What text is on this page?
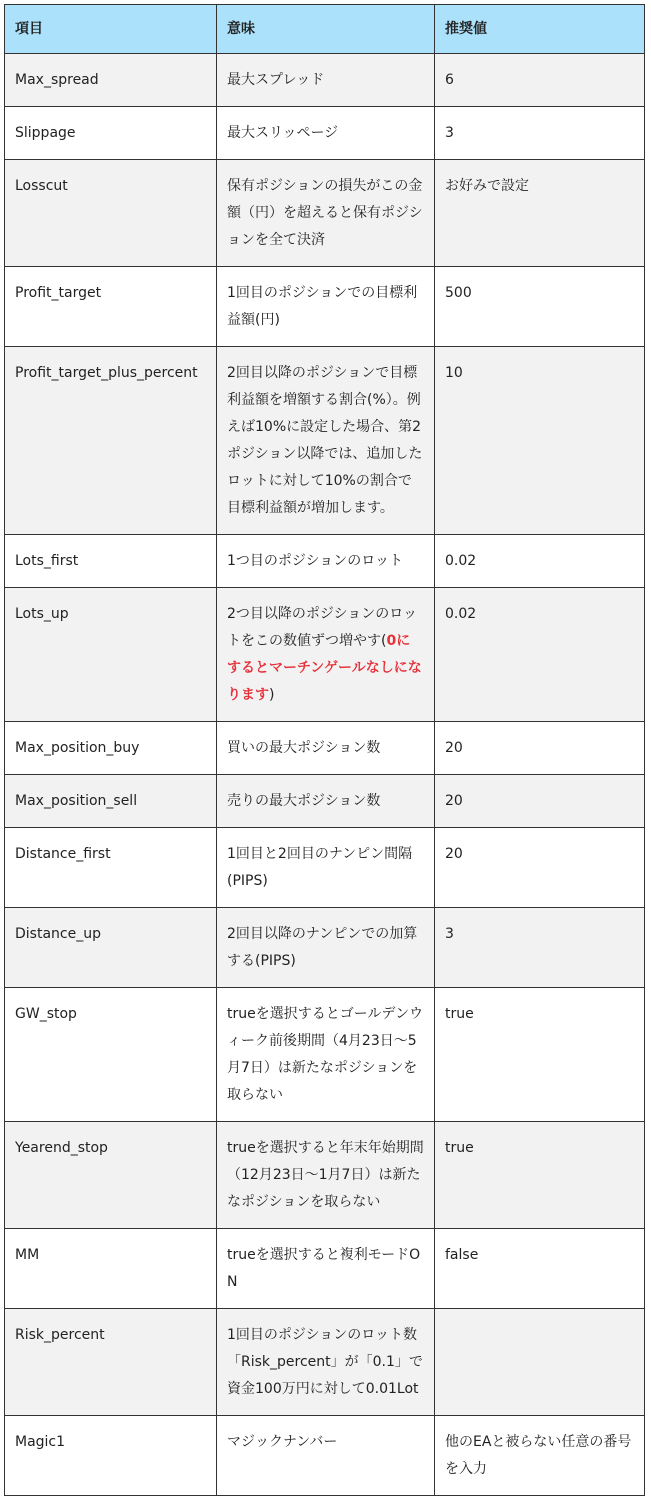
項目	意味	推奨値
Max_spread	最大スプレッド	6
Slippage	最大スリッページ	3
Losscut	保有ポジションの損失がこの金額（円）を超えると保有ポジションを全て決済	お好みで設定
Profit_target	1回目のポジションでの目標利益額(円)	500
Profit_target_plus_percent	2回目以降のポジションで目標利益額を増額する割合(%）。例えば10%に設定した場合、第2ポジション以降では、追加したロットに対して10%の割合で目標利益額が増加します。	10
Lots_first	1つ目のポジションのロット	0.02
Lots_up	2つ目以降のポジションのロットをこの数値ずつ増やす(0にするとマーチンゲールなしになります)	0.02
Max_position_buy	買いの最大ポジション数	20
Max_position_sell	売りの最大ポジション数	20
Distance_first	1回目と2回目のナンピン間隔(PIPS)	20
Distance_up	2回目以降のナンピンでの加算する(PIPS)	3
GW_stop	trueを選択するとゴールデンウィーク前後期間（4月23日～5月7日）は新たなポジションを取らない	true
Yearend_stop	trueを選択すると年末年始期間（12月23日～1月7日）は新たなポジションを取らない	true
MM	trueを選択すると複利モードON	false
Risk_percent	1回目のポジションのロット数「Risk_percent」が「0.1」で資金100万円に対して0.01Lot	
Magic1	マジックナンバー	他のEAと被らない任意の番号を入力
